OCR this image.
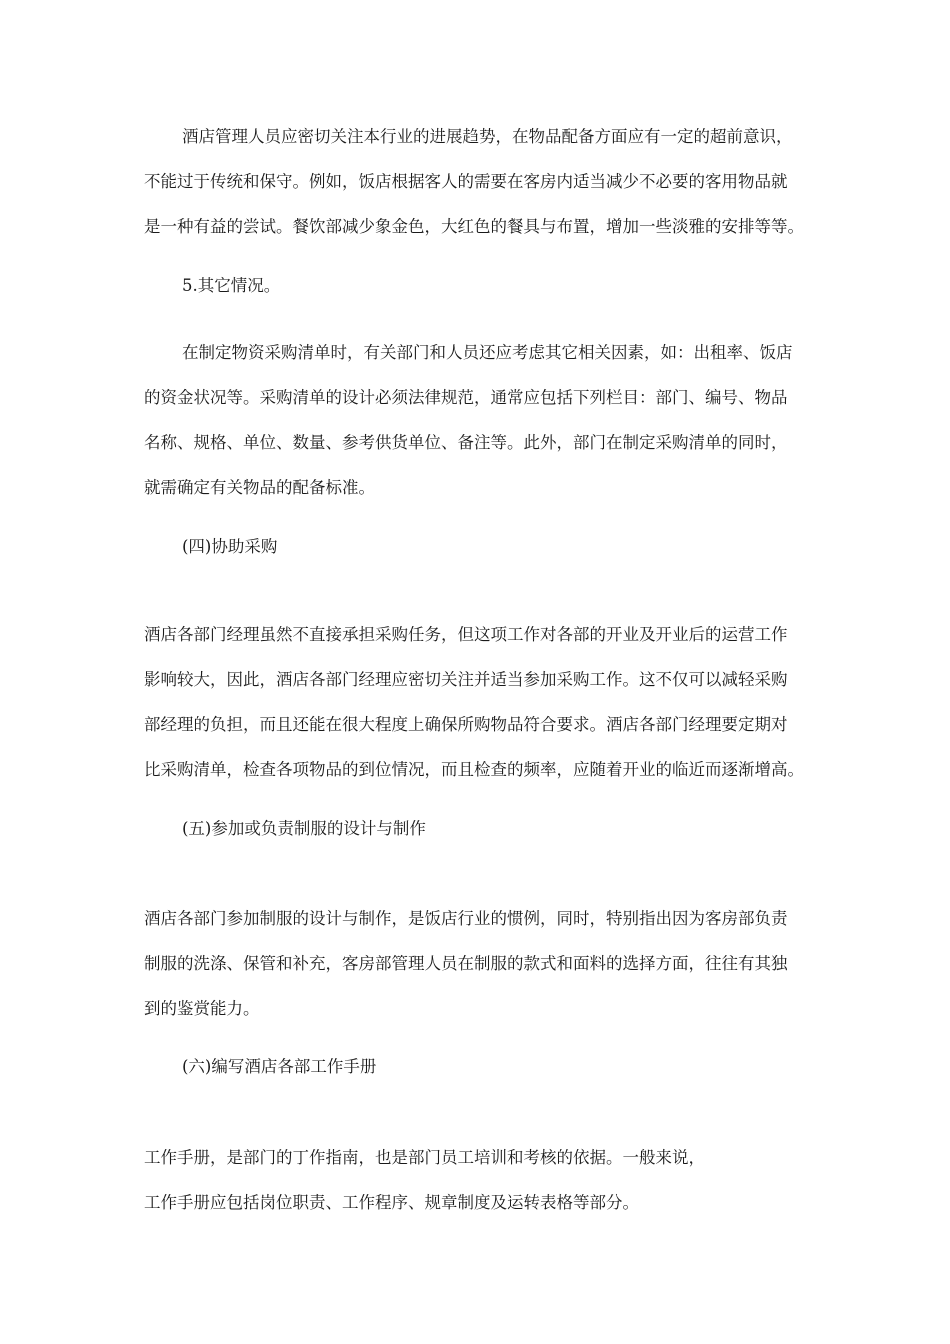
酒店管理人员应密切关注本行业的进展趋势，在物品配备方面应有一定的超前意识，
不能过于传统和保守。例如，饭店根据客人的需要在客房内适当减少不必要的客用物品就
是一种有益的尝试。餐饮部减少象金色，大红色的餐具与布置，增加一些淡雅的安排等等。
5.其它情况。
在制定物资采购清单时，有关部门和人员还应考虑其它相关因素，如：出租率、饭店
的资金状况等。采购清单的设计必须法律规范，通常应包括下列栏目：部门、编号、物品
名称、规格、单位、数量、参考供货单位、备注等。此外，部门在制定采购清单的同时，
就需确定有关物品的配备标准。
(四)协助采购
酒店各部门经理虽然不直接承担采购任务，但这项工作对各部的开业及开业后的运营工作
影响较大，因此，酒店各部门经理应密切关注并适当参加采购工作。这不仅可以减轻采购
部经理的负担，而且还能在很大程度上确保所购物品符合要求。酒店各部门经理要定期对
比采购清单，检查各项物品的到位情况，而且检查的频率，应随着开业的临近而逐渐增高。
(五)参加或负责制服的设计与制作
酒店各部门参加制服的设计与制作，是饭店行业的惯例，同时，特别指出因为客房部负责
制服的洗涤、保管和补充，客房部管理人员在制服的款式和面料的选择方面，往往有其独
到的鉴赏能力。
(六)编写酒店各部工作手册
工作手册，是部门的丁作指南，也是部门员工培训和考核的依据。一般来说，
工作手册应包括岗位职责、工作程序、规章制度及运转表格等部分。
